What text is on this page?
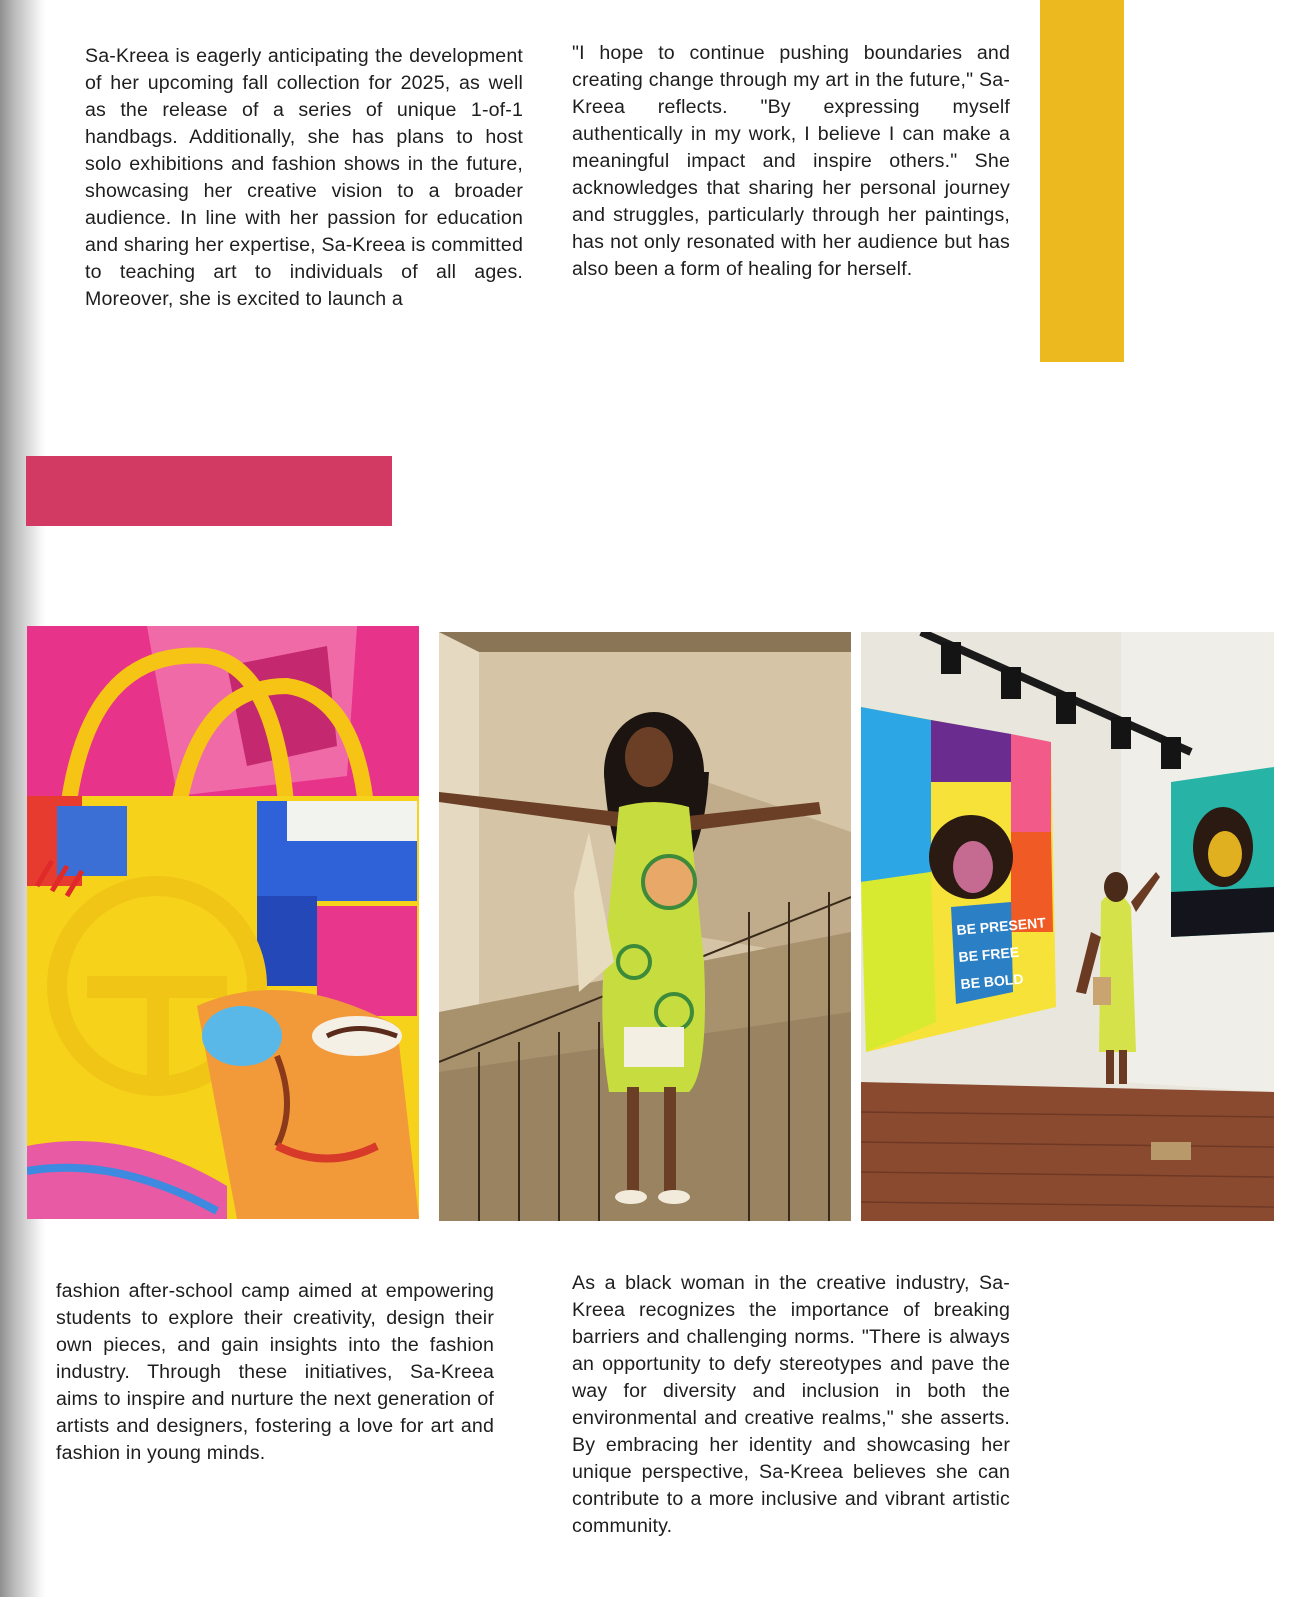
Sa-Kreea is eagerly anticipating the development of her upcoming fall collection for 2025, as well as the release of a series of unique 1-of-1 handbags. Additionally, she has plans to host solo exhibitions and fashion shows in the future, showcasing her creative vision to a broader audience. In line with her passion for education and sharing her expertise, Sa-Kreea is committed to teaching art to individuals of all ages. Moreover, she is excited to launch a

"I hope to continue pushing boundaries and creating change through my art in the future," Sa-Kreea reflects. "By expressing myself authentically in my work, I believe I can make a meaningful impact and inspire others." She acknowledges that sharing her personal journey and struggles, particularly through her paintings, has not only resonated with her audience but has also been a form of healing for herself.

BE PRESENT
BE FREE
BE BOLD

fashion after-school camp aimed at empowering students to explore their creativity, design their own pieces, and gain insights into the fashion industry. Through these initiatives, Sa-Kreea aims to inspire and nurture the next generation of artists and designers, fostering a love for art and fashion in young minds.

As a black woman in the creative industry, Sa-Kreea recognizes the importance of breaking barriers and challenging norms. "There is always an opportunity to defy stereotypes and pave the way for diversity and inclusion in both the environmental and creative realms," she asserts. By embracing her identity and showcasing her unique perspective, Sa-Kreea believes she can contribute to a more inclusive and vibrant artistic community.
